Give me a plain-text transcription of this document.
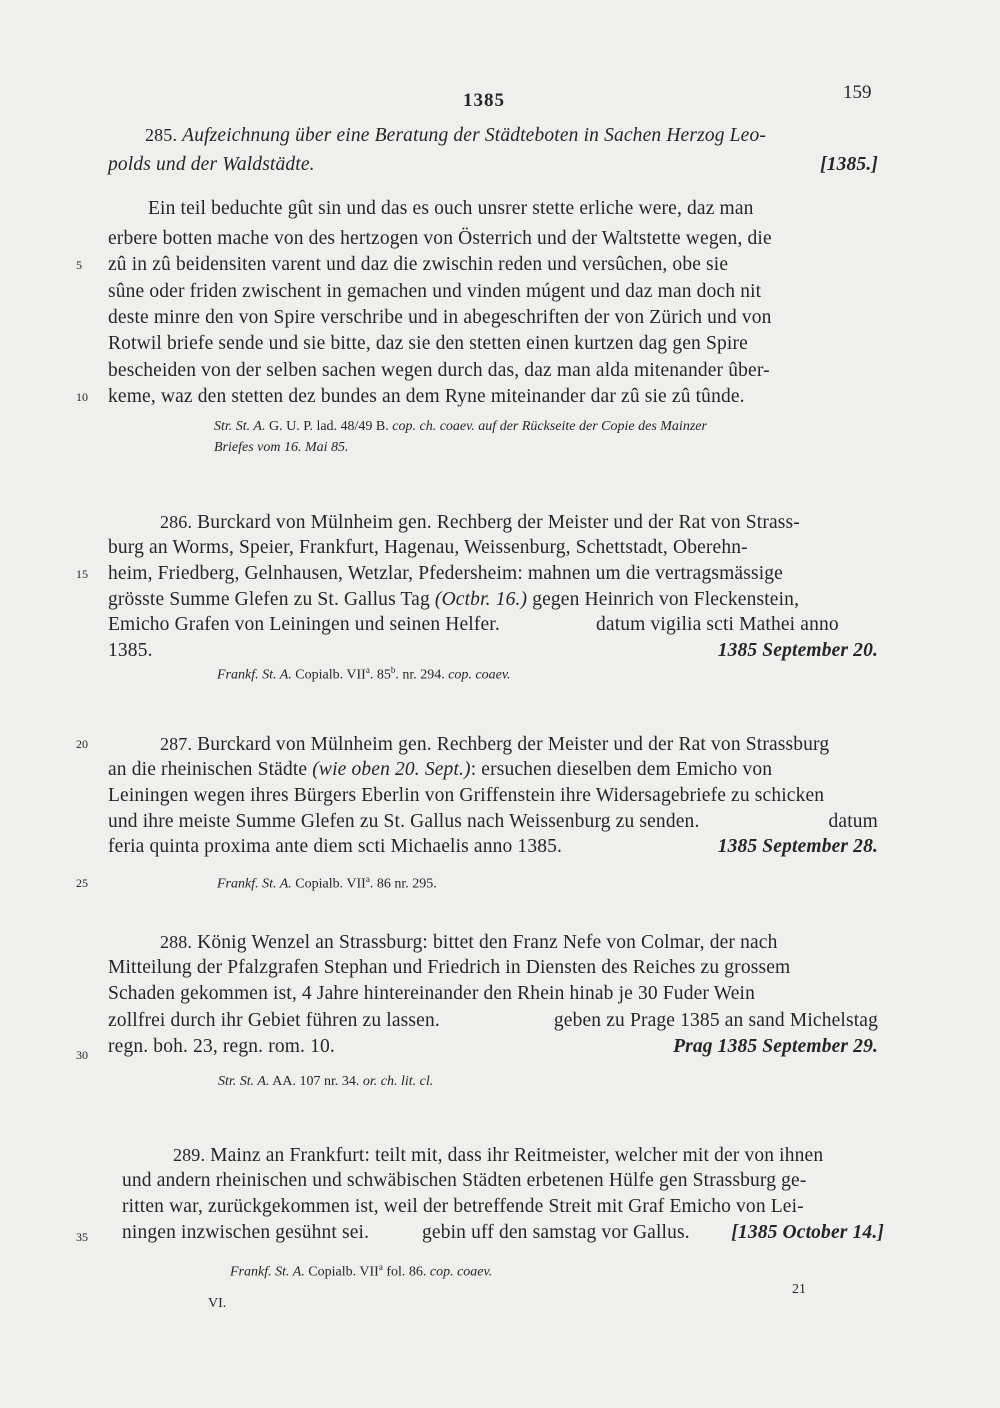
1385	159
285. Aufzeichnung über eine Beratung der Städteboten in Sachen Herzog Leo-
polds und der Waldstädte.	[1385.]
Ein teil beduchte gût sin und das es ouch unsrer stette erliche were, daz man
erbere botten mache von des hertzogen von Österrich und der Waltstette wegen, die
zû in zû beidensiten varent und daz die zwischin reden und versûchen, obe sie
sûne oder friden zwischent in gemachen und vinden múgent und daz man doch nit
deste minre den von Spire verschribe und in abegeschriften der von Zürich und von
Rotwil briefe sende und sie bitte, daz sie den stetten einen kurtzen dag gen Spire
bescheiden von der selben sachen wegen durch das, daz man alda mitenander ûber-
keme, waz den stetten dez bundes an dem Ryne miteinander dar zû sie zû tûnde.
Str. St. A. G. U. P. lad. 48/49 B. cop. ch. coaev. auf der Rückseite der Copie des Mainzer
Briefes vom 16. Mai 85.
286. Burckard von Mülnheim gen. Rechberg der Meister und der Rat von Strass-
burg an Worms, Speier, Frankfurt, Hagenau, Weissenburg, Schettstadt, Oberehn-
heim, Friedberg, Gelnhausen, Wetzlar, Pfedersheim: mahnen um die vertragsmässige
grösste Summe Glefen zu St. Gallus Tag (Octbr. 16.) gegen Heinrich von Fleckenstein,
Emicho Grafen von Leiningen und seinen Helfer.	datum vigilia scti Mathei anno
1385.	1385 September 20.
Frankf. St. A. Copialb. VII$^a$. 85$^b$. nr. 294. cop. coaev.
287. Burckard von Mülnheim gen. Rechberg der Meister und der Rat von Strassburg
an die rheinischen Städte (wie oben 20. Sept.): ersuchen dieselben dem Emicho von
Leiningen wegen ihres Bürgers Eberlin von Griffenstein ihre Widersagebriefe zu schicken
und ihre meiste Summe Glefen zu St. Gallus nach Weissenburg zu senden.	datum
feria quinta proxima ante diem scti Michaelis anno 1385.	1385 September 28.
Frankf. St. A. Copialb. VII$^a$. 86 nr. 295.
288. König Wenzel an Strassburg: bittet den Franz Nefe von Colmar, der nach
Mitteilung der Pfalzgrafen Stephan und Friedrich in Diensten des Reiches zu grossem
Schaden gekommen ist, 4 Jahre hintereinander den Rhein hinab je 30 Fuder Wein
zollfrei durch ihr Gebiet führen zu lassen.	geben zu Prage 1385 an sand Michelstag
regn. boh. 23, regn. rom. 10.	Prag 1385 September 29.
Str. St. A. AA. 107 nr. 34. or. ch. lit. cl.
289. Mainz an Frankfurt: teilt mit, dass ihr Reitmeister, welcher mit der von ihnen
und andern rheinischen und schwäbischen Städten erbetenen Hülfe gen Strassburg ge-
ritten war, zurückgekommen ist, weil der betreffende Streit mit Graf Emicho von Lei-
ningen inzwischen gesühnt sei.	gebin uff den samstag vor Gallus. [1385 October 14.]
Frankf. St. A. Copialb. VII$^a$ fol. 86. cop. coaev.
5
10
15
20
25
30
35
VI.
21
